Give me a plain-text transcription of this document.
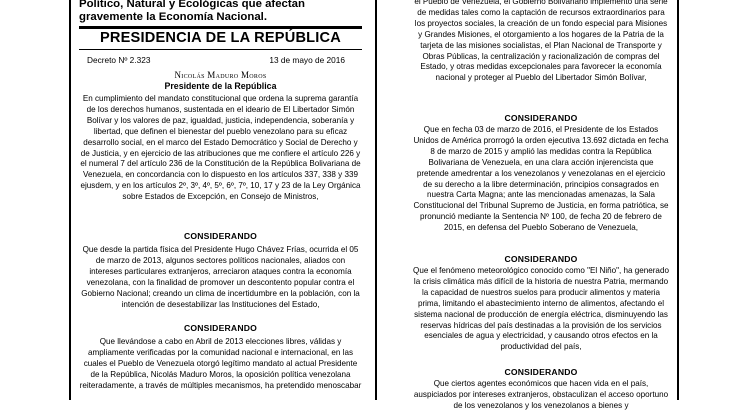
Político, Natural y Ecológicas que afectan gravemente la Economía Nacional.

PRESIDENCIA DE LA REPÚBLICA
Decreto Nº 2.323	13 de mayo de 2016
Nicolás Maduro Moros
Presidente de la República

En cumplimiento del mandato constitucional que ordena la suprema garantía de los derechos humanos, sustentada en el ideario de El Libertador Simón Bolívar y los valores de paz, igualdad, justicia, independencia, soberanía y libertad, que definen el bienestar del pueblo venezolano para su eficaz desarrollo social, en el marco del Estado Democrático y Social de Derecho y de Justicia, y en ejercicio de las atribuciones que me confiere el artículo 226 y el numeral 7 del artículo 236 de la Constitución de la República Bolivariana de Venezuela, en concordancia con lo dispuesto en los artículos 337, 338 y 339 ejusdem, y en los artículos 2º, 3º, 4º, 5º, 6º, 7º, 10, 17 y 23 de la Ley Orgánica sobre Estados de Excepción, en Consejo de Ministros,

CONSIDERANDO

Que desde la partida física del Presidente Hugo Chávez Frías, ocurrida el 05 de marzo de 2013, algunos sectores políticos nacionales, aliados con intereses particulares extranjeros, arreciaron ataques contra la economía venezolana, con la finalidad de promover un descontento popular contra el Gobierno Nacional; creando un clima de incertidumbre en la población, con la intención de desestabilizar las Instituciones del Estado,

CONSIDERANDO

Que llevándose a cabo en Abril de 2013 elecciones libres, válidas y ampliamente verificadas por la comunidad nacional e internacional, en las cuales el Pueblo de Venezuela otorgó legítimo mandato al actual Presidente de la República, Nicolás Maduro Moros, la oposición política venezolana reiteradamente, a través de múltiples mecanismos, ha pretendido menoscabar

el Pueblo de Venezuela, el Gobierno Bolivariano implementó una serie de medidas tales como la captación de recursos extraordinarios para los proyectos sociales, la creación de un fondo especial para Misiones y Grandes Misiones, el otorgamiento a los hogares de la Patria de la tarjeta de las misiones socialistas, el Plan Nacional de Transporte y Obras Públicas, la centralización y racionalización de compras del Estado, y otras medidas excepcionales para favorecer la economía nacional y proteger al Pueblo del Libertador Simón Bolívar,

CONSIDERANDO

Que en fecha 03 de marzo de 2016, el Presidente de los Estados Unidos de América prorrogó la orden ejecutiva 13.692 dictada en fecha 8 de marzo de 2015 y amplió las medidas contra la República Bolivariana de Venezuela, en una clara acción injerencista que pretende amedrentar a los venezolanos y venezolanas en el ejercicio de su derecho a la libre determinación, principios consagrados en nuestra Carta Magna; ante las mencionadas amenazas, la Sala Constitucional del Tribunal Supremo de Justicia, en forma patriótica, se pronunció mediante la Sentencia Nº 100, de fecha 20 de febrero de 2015, en defensa del Pueblo Soberano de Venezuela,

CONSIDERANDO

Que el fenómeno meteorológico conocido como "El Niño", ha generado la crisis climática más difícil de la historia de nuestra Patria, mermando la capacidad de nuestros suelos para producir alimentos y materia prima, limitando el abastecimiento interno de alimentos, afectando el sistema nacional de producción de energía eléctrica, disminuyendo las reservas hídricas del país destinadas a la provisión de los servicios esenciales de agua y electricidad, y causando otros efectos en la productividad del país,

CONSIDERANDO

Que ciertos agentes económicos que hacen vida en el país, auspiciados por intereses extranjeros, obstaculizan el acceso oportuno de los venezolanos y los venezolanos a bienes y
